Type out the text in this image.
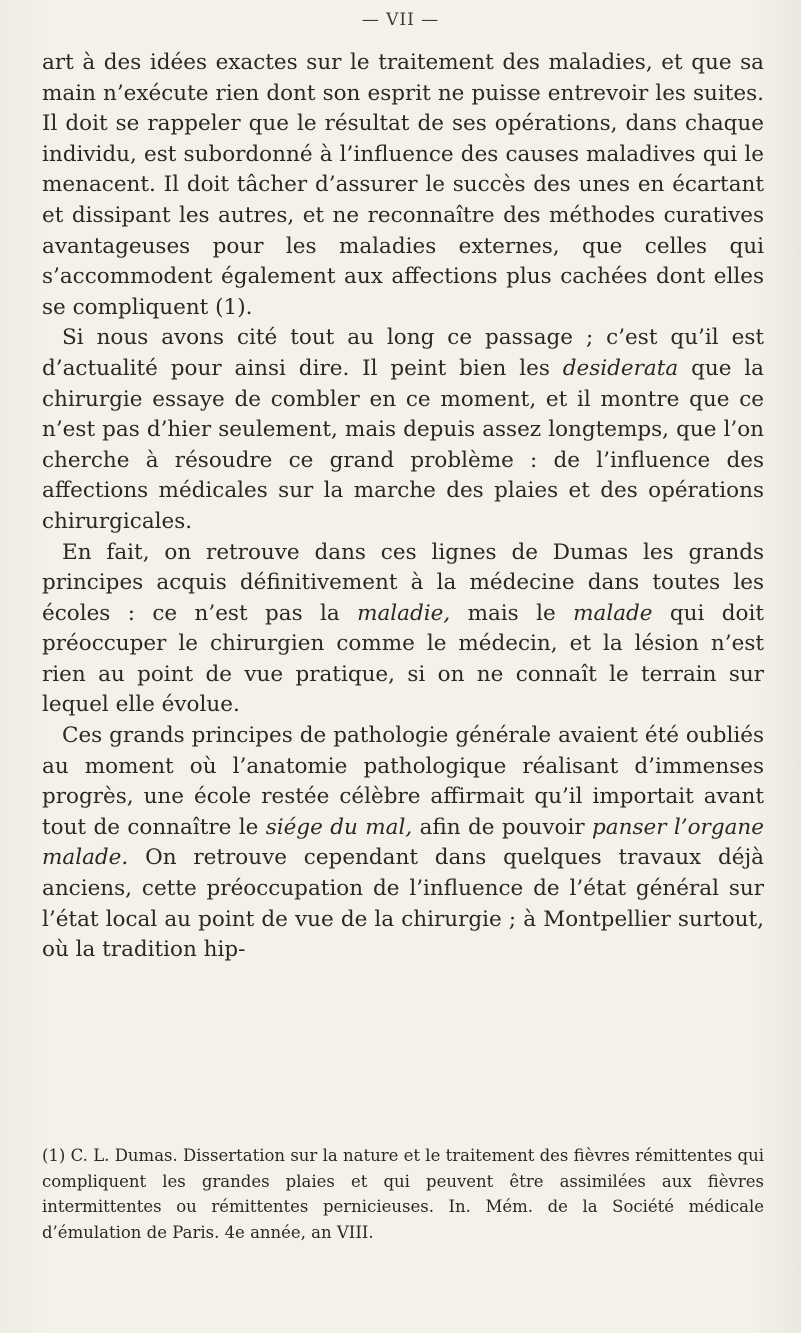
— VII —

art à des idées exactes sur le traitement des maladies, et que sa main n’exécute rien dont son esprit ne puisse entrevoir les suites. Il doit se rappeler que le résultat de ses opérations, dans chaque individu, est subordonné à l’influence des causes maladives qui le menacent. Il doit tâcher d’assurer le succès des unes en écartant et dissipant les autres, et ne reconnaître des méthodes curatives avantageuses pour les maladies externes, que celles qui s’accommodent également aux affections plus cachées dont elles se compliquent (1).

Si nous avons cité tout au long ce passage ; c’est qu’il est d’actualité pour ainsi dire. Il peint bien les desiderata que la chirurgie essaye de combler en ce moment, et il montre que ce n’est pas d’hier seulement, mais depuis assez longtemps, que l’on cherche à résoudre ce grand problème : de l’influence des affections médicales sur la marche des plaies et des opérations chirurgicales.

En fait, on retrouve dans ces lignes de Dumas les grands principes acquis définitivement à la médecine dans toutes les écoles : ce n’est pas la maladie, mais le malade qui doit préoccuper le chirurgien comme le médecin, et la lésion n’est rien au point de vue pratique, si on ne connaît le terrain sur lequel elle évolue.

Ces grands principes de pathologie générale avaient été oubliés au moment où l’anatomie pathologique réalisant d’immenses progrès, une école restée célèbre affirmait qu’il importait avant tout de connaître le siége du mal, afin de pouvoir panser l’organe malade. On retrouve cependant dans quelques travaux déjà anciens, cette préoccupation de l’influence de l’état général sur l’état local au point de vue de la chirurgie ; à Montpellier surtout, où la tradition hip-

(1) C. L. Dumas. Dissertation sur la nature et le traitement des fièvres rémittentes qui compliquent les grandes plaies et qui peuvent être assimilées aux fièvres intermittentes ou rémittentes pernicieuses. In. Mém. de la Société médicale d’émulation de Paris. 4e année, an VIII.
